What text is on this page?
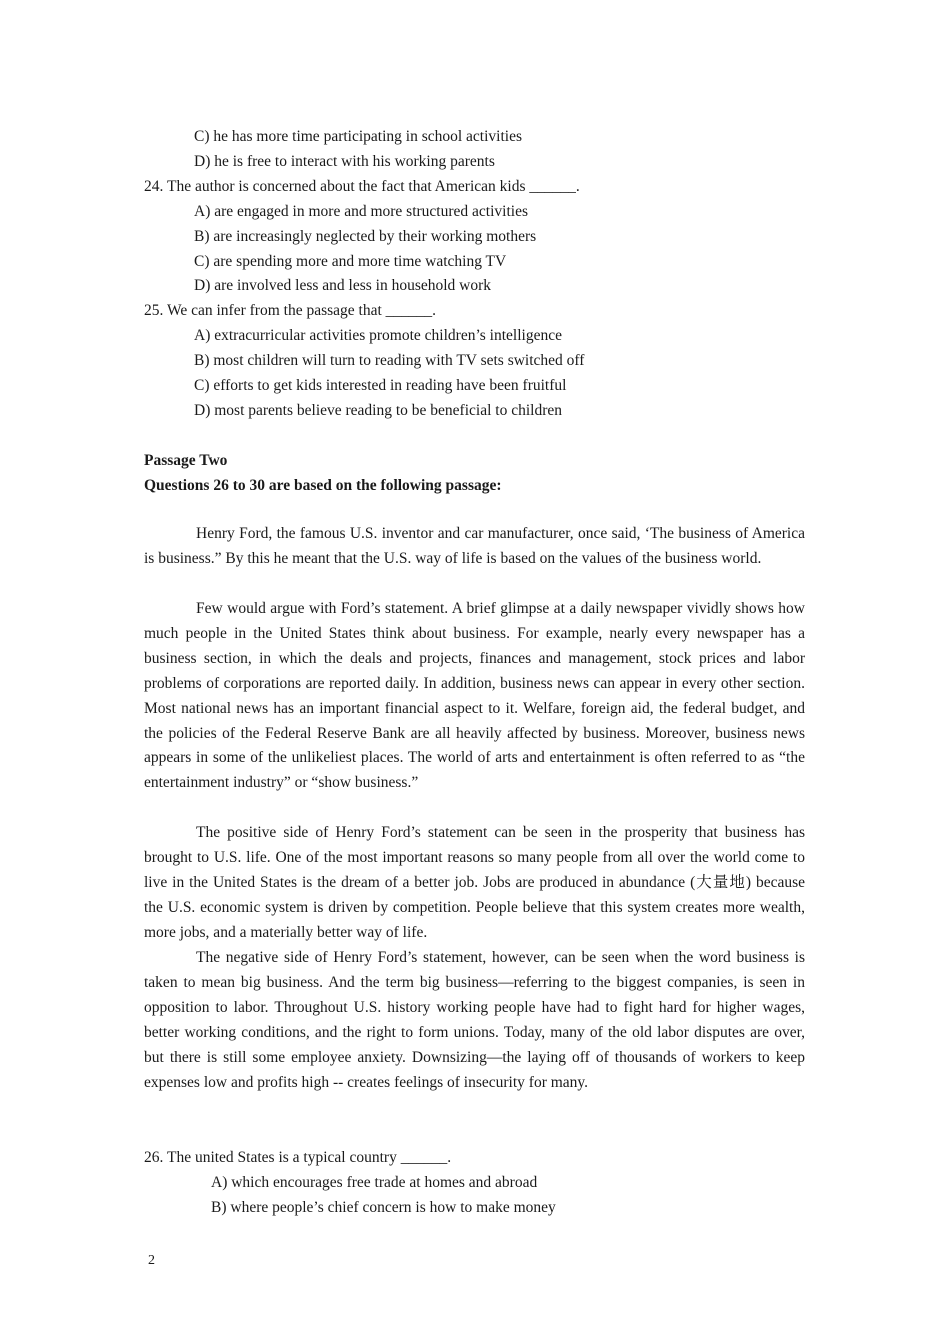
C) he has more time participating in school activities
D) he is free to interact with his working parents
24. The author is concerned about the fact that American kids ______.
A) are engaged in more and more structured activities
B) are increasingly neglected by their working mothers
C) are spending more and more time watching TV
D) are involved less and less in household work
25. We can infer from the passage that ______.
A) extracurricular activities promote children’s intelligence
B) most children will turn to reading with TV sets switched off
C) efforts to get kids interested in reading have been fruitful
D) most parents believe reading to be beneficial to children
Passage Two
Questions 26 to 30 are based on the following passage:
Henry Ford, the famous U.S. inventor and car manufacturer, once said, ‘The business of America is business.” By this he meant that the U.S. way of life is based on the values of the business world.
Few would argue with Ford’s statement. A brief glimpse at a daily newspaper vividly shows how much people in the United States think about business. For example, nearly every newspaper has a business section, in which the deals and projects, finances and management, stock prices and labor problems of corporations are reported daily. In addition, business news can appear in every other section. Most national news has an important financial aspect to it. Welfare, foreign aid, the federal budget, and the policies of the Federal Reserve Bank are all heavily affected by business. Moreover, business news appears in some of the unlikeliest places. The world of arts and entertainment is often referred to as “the entertainment industry” or “show business.”
The positive side of Henry Ford’s statement can be seen in the prosperity that business has brought to U.S. life. One of the most important reasons so many people from all over the world come to live in the United States is the dream of a better job. Jobs are produced in abundance (大量地) because the U.S. economic system is driven by competition. People believe that this system creates more wealth, more jobs, and a materially better way of life.
The negative side of Henry Ford’s statement, however, can be seen when the word business is taken to mean big business. And the term big business—referring to the biggest companies, is seen in opposition to labor. Throughout U.S. history working people have had to fight hard for higher wages, better working conditions, and the right to form unions. Today, many of the old labor disputes are over, but there is still some employee anxiety. Downsizing—the laying off of thousands of workers to keep expenses low and profits high -- creates feelings of insecurity for many.
26. The united States is a typical country ______.
A) which encourages free trade at homes and abroad
B) where people’s chief concern is how to make money
2
